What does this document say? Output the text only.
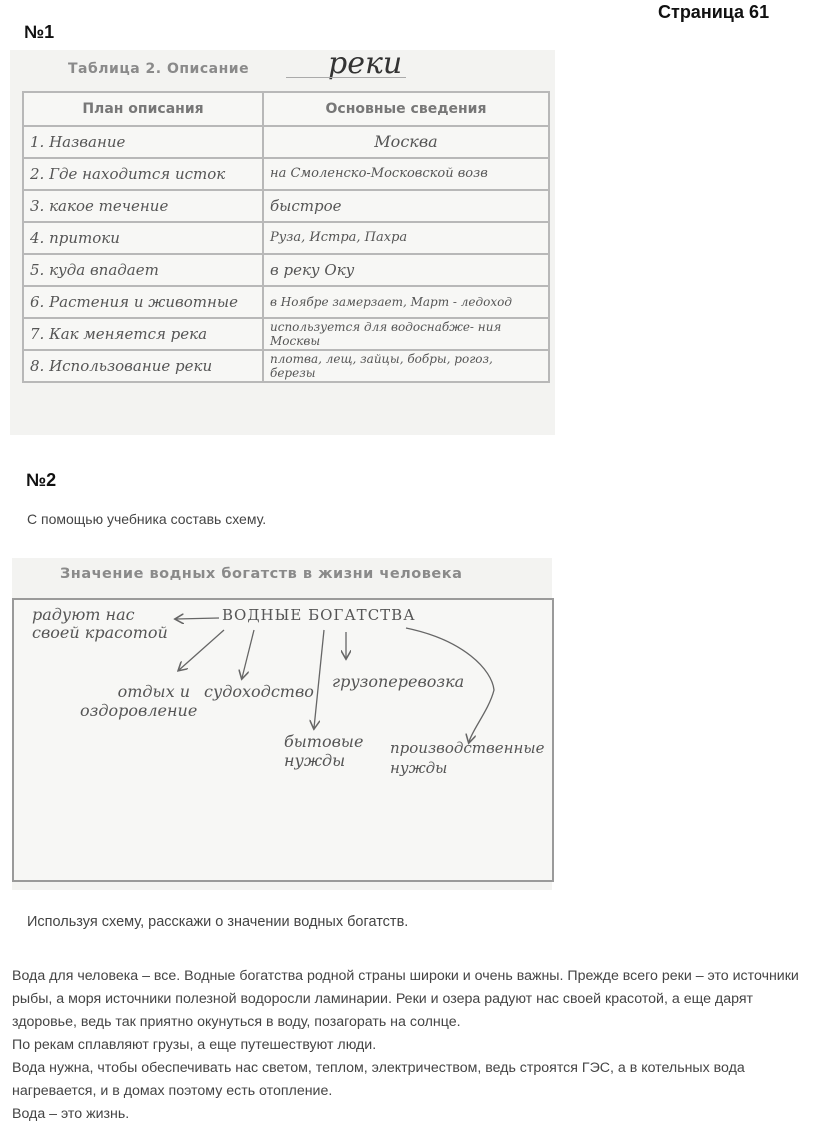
Страница 61
№1
Таблица 2. Описание	реки
План описания	Основные сведения
1. Название	Москва
2. Где находится исток	на Смоленско-Московской возв
3. какое течение	быстрое
4. притоки	Руза, Истра, Пахра
5. куда впадает	в реку Оку
6. Растения и животные	в Ноябре замерзает, Март - ледоход
7. Как меняется река	используется для водоснабже- ния Москвы
8. Использование реки	плотва, лещ, зайцы, бобры, рогоз, березы
№2
С помощью учебника составь схему.
Значение водных богатств в жизни человека
ВОДНЫЕ БОГАТСТВА
радуют нас своей красотой
отдых и оздоровление
судоходство
грузоперевозка
бытовые нужды
производственные нужды
Используя схему, расскажи о значении водных богатств.

Вода для человека – все. Водные богатства родной страны широки и очень важны. Прежде всего реки – это источники рыбы, а моря источники полезной водоросли ламинарии. Реки и озера радуют нас своей красотой, а еще дарят здоровье, ведь так приятно окунуться в воду, позагорать на солнце.

По рекам сплавляют грузы, а еще путешествуют люди.

Вода нужна, чтобы обеспечивать нас светом, теплом, электричеством, ведь строятся ГЭС, а в котельных вода нагревается, и в домах поэтому есть отопление.

Вода – это жизнь.
